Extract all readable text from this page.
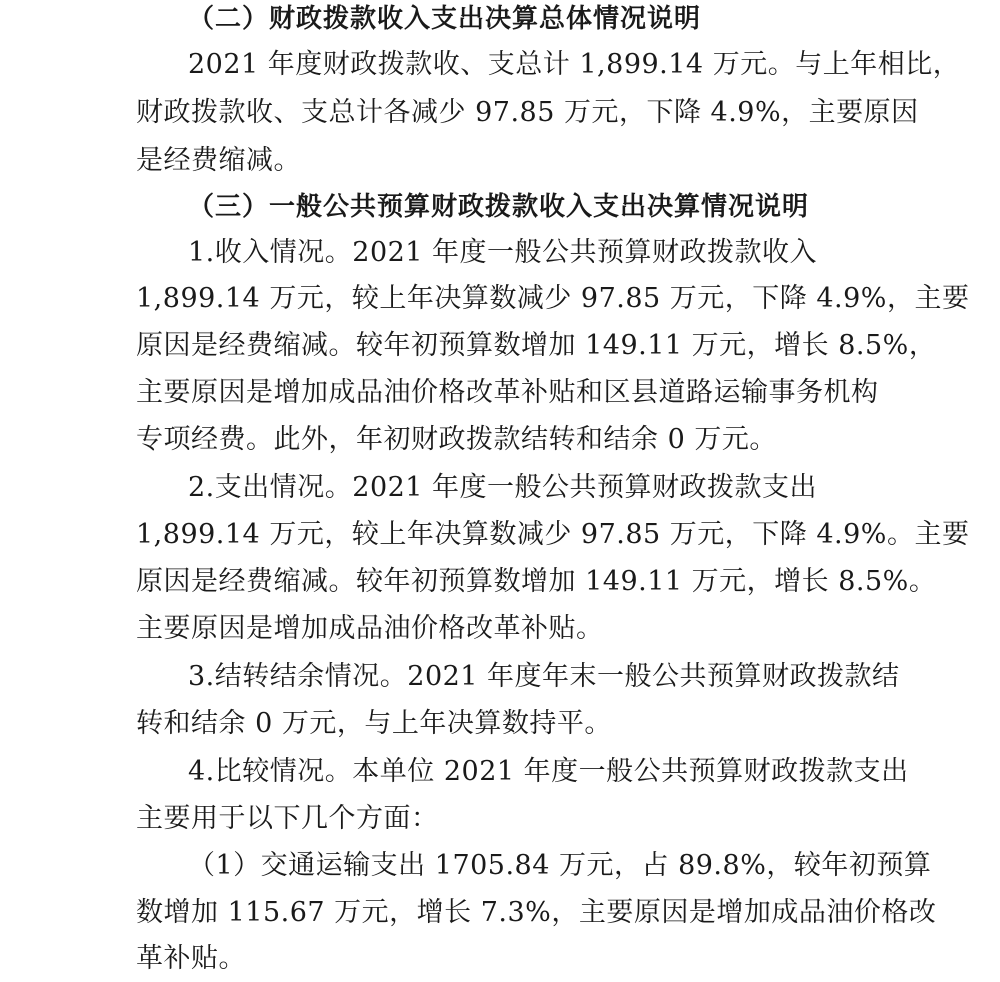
（二）财政拨款收入支出决算总体情况说明
2021 年度财政拨款收、支总计 1,899.14 万元。与上年相比，
财政拨款收、支总计各减少 97.85 万元，下降 4.9%，主要原因
是经费缩减。
（三）一般公共预算财政拨款收入支出决算情况说明
1.收入情况。2021 年度一般公共预算财政拨款收入
1,899.14 万元，较上年决算数减少 97.85 万元，下降 4.9%，主要
原因是经费缩减。较年初预算数增加 149.11 万元，增长 8.5%，
主要原因是增加成品油价格改革补贴和区县道路运输事务机构
专项经费。此外，年初财政拨款结转和结余 0 万元。
2.支出情况。2021 年度一般公共预算财政拨款支出
1,899.14 万元，较上年决算数减少 97.85 万元，下降 4.9%。主要
原因是经费缩减。较年初预算数增加 149.11 万元，增长 8.5%。
主要原因是增加成品油价格改革补贴。
3.结转结余情况。2021 年度年末一般公共预算财政拨款结
转和结余 0 万元，与上年决算数持平。
4.比较情况。本单位 2021 年度一般公共预算财政拨款支出
主要用于以下几个方面：
（1）交通运输支出 1705.84 万元，占 89.8%，较年初预算
数增加 115.67 万元，增长 7.3%，主要原因是增加成品油价格改
革补贴。
